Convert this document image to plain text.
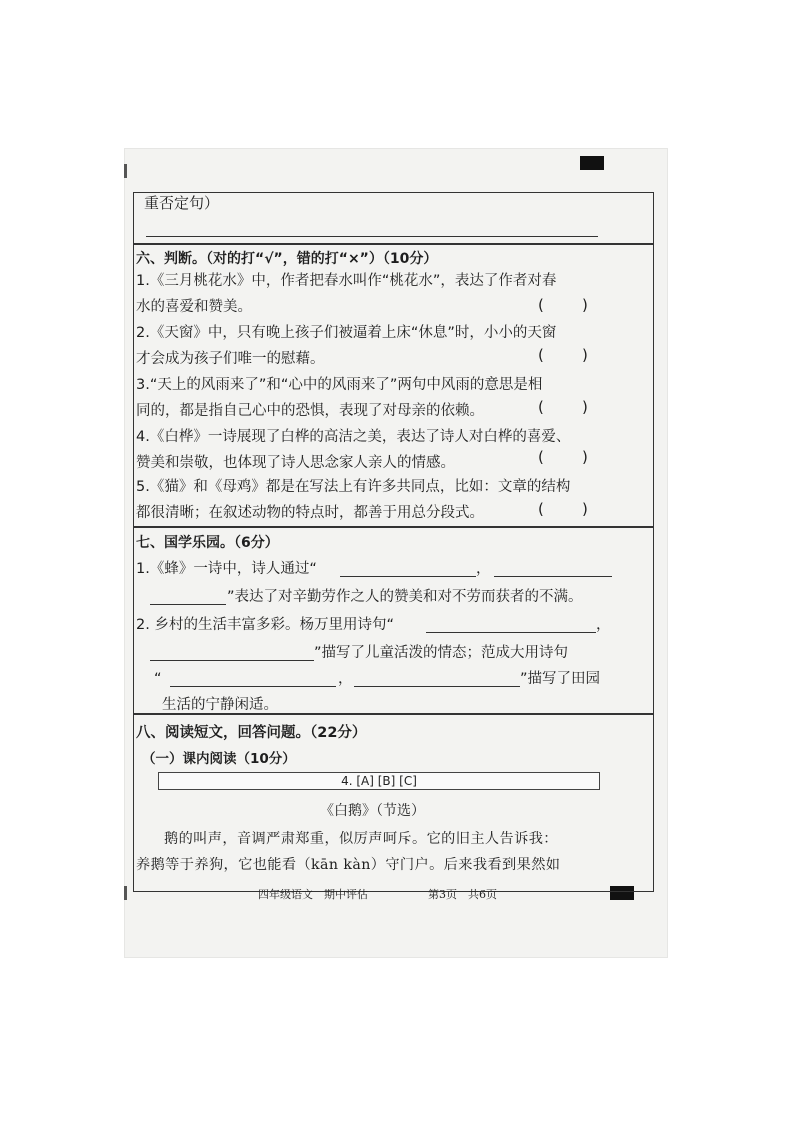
重否定句）
六、判断。（对的打“√”，错的打“×”）（10分）
1.《三月桃花水》中，作者把春水叫作“桃花水”，表达了作者对春
水的喜爱和赞美。	(        )
2.《天窗》中，只有晚上孩子们被逼着上床“休息”时，小小的天窗
才会成为孩子们唯一的慰藉。	(        )
3.“天上的风雨来了”和“心中的风雨来了”两句中风雨的意思是相
同的，都是指自己心中的恐惧，表现了对母亲的依赖。	(        )
4.《白桦》一诗展现了白桦的高洁之美，表达了诗人对白桦的喜爱、
赞美和崇敬，也体现了诗人思念家人亲人的情感。	(        )
5.《猫》和《母鸡》都是在写法上有许多共同点，比如：文章的结构
都很清晰；在叙述动物的特点时，都善于用总分段式。	(        )
七、国学乐园。（6分）
1.《蜂》一诗中，诗人通过“	，
”表达了对辛勤劳作之人的赞美和对不劳而获者的不满。
2. 乡村的生活丰富多彩。杨万里用诗句“	，
”描写了儿童活泼的情态；范成大用诗句
“	，	”描写了田园
生活的宁静闲适。
八、阅读短文，回答问题。（22分）
（一）课内阅读（10分）
4. [A] [B] [C]
《白鹅》（节选）
鹅的叫声，音调严肃郑重，似厉声呵斥。它的旧主人告诉我：
养鹅等于养狗，它也能看（kān kàn）守门户。后来我看到果然如
四年级语文　期中评估	第3页　共6页
